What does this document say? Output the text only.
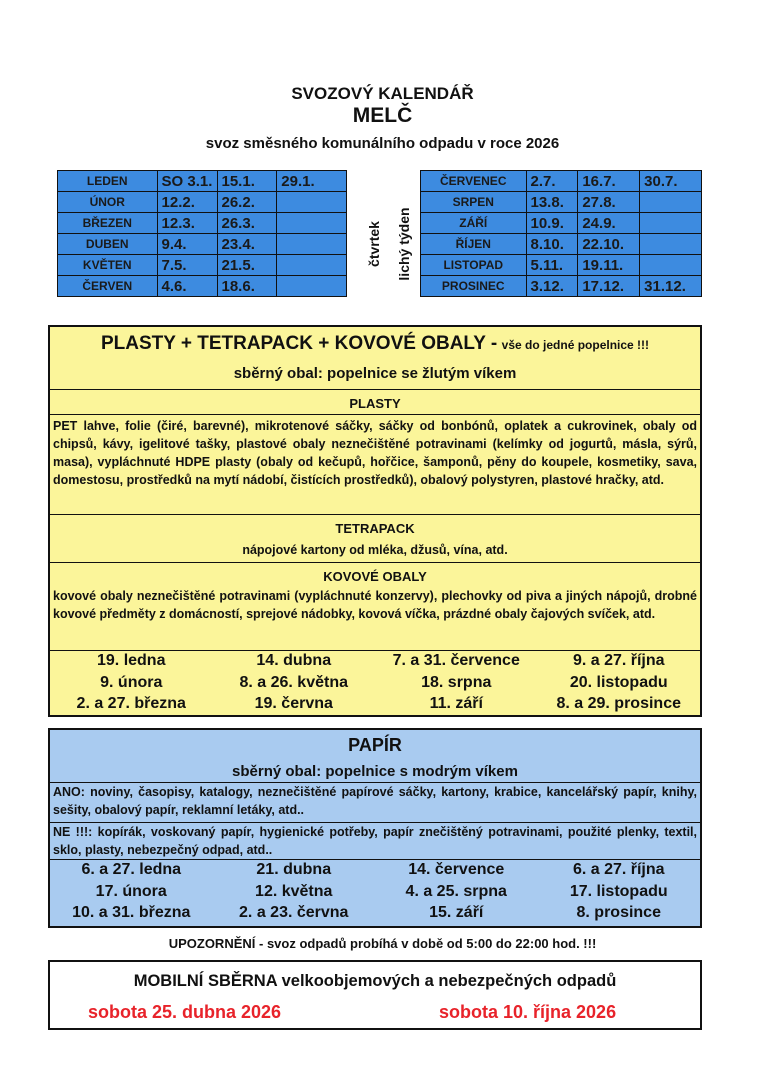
SVOZOVÝ KALENDÁŘ
MELČ
svoz směsného komunálního odpadu v roce 2026
LEDEN	SO 3.1.	15.1.	29.1.
ÚNOR	12.2.	26.2.	
BŘEZEN	12.3.	26.3.	
DUBEN	9.4.	23.4.	
KVĚTEN	7.5.	21.5.	
ČERVEN	4.6.	18.6.	
čtvrtek lichý týden
ČERVENEC	2.7.	16.7.	30.7.
SRPEN	13.8.	27.8.	
ZÁŘÍ	10.9.	24.9.	
ŘÍJEN	8.10.	22.10.	
LISTOPAD	5.11.	19.11.	
PROSINEC	3.12.	17.12.	31.12.
PLASTY + TETRAPACK + KOVOVÉ OBALY - vše do jedné popelnice !!!
sběrný obal: popelnice se žlutým víkem
PLASTY
PET lahve, folie (čiré, barevné), mikrotenové sáčky, sáčky od bonbónů, oplatek a cukrovinek, obaly od chipsů, kávy, igelitové tašky, plastové obaly neznečištěné potravinami (kelímky od jogurtů, másla, sýrů, masa), vypláchnuté HDPE plasty (obaly od kečupů, hořčice, šamponů, pěny do koupele, kosmetiky, sava, domestosu, prostředků na mytí nádobí, čistících prostředků), obalový polystyren, plastové hračky, atd.
TETRAPACK
nápojové kartony od mléka, džusů, vína, atd.
KOVOVÉ OBALY
kovové obaly neznečištěné potravinami (vypláchnuté konzervy), plechovky od piva a jiných nápojů, drobné kovové předměty z domácností, sprejové nádobky, kovová víčka, prázdné obaly čajových svíček, atd.
19. ledna	14. dubna	7. a 31. července	9. a 27. října
9. února	8. a 26. května	18. srpna	20. listopadu
2. a 27. března	19. června	11. září	8. a 29. prosince
PAPÍR
sběrný obal: popelnice s modrým víkem
ANO: noviny, časopisy, katalogy, neznečištěné papírové sáčky, kartony, krabice, kancelářský papír, knihy, sešity, obalový papír, reklamní letáky, atd..
NE !!!: kopírák, voskovaný papír, hygienické potřeby, papír znečištěný potravinami, použité plenky, textil, sklo, plasty, nebezpečný odpad, atd..
6. a 27. ledna	21. dubna	14. července	6. a 27. října
17. února	12. května	4. a 25. srpna	17. listopadu
10. a 31. března	2. a 23. června	15. září	8. prosince
UPOZORNĚNÍ - svoz odpadů probíhá v době od 5:00 do 22:00 hod. !!!
MOBILNÍ SBĚRNA velkoobjemových a nebezpečných odpadů
sobota 25. dubna 2026	sobota 10. října 2026
